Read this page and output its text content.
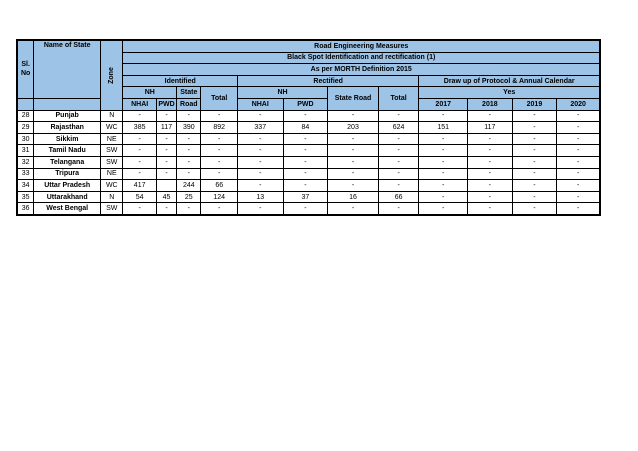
Sl.
No	Name of State	Zone	Road Engineering Measures											
			Black Spot Identification and rectification (1)											
			As per MORTH Definition 2015											
			Identified				Rectified				Draw up of Protocol & Annual Calendar			
			NH		State	Total	NH		State Road	Total	Yes			
			NHAI	PWD	Road		NHAI	PWD			2017	2018	2019	2020
28	Punjab	N	-	-	-	-	-	-	-	-	-	-	-	-
29	Rajasthan	WC	385	117	390	892	337	84	203	624	151	117	-	-
30	Sikkim	NE	-	-	-	-	-	-	-	-	-	-	-	-
31	Tamil Nadu	SW	-	-	-	-	-	-	-	-	-	-	-	-
32	Telangana	SW	-	-	-	-	-	-	-	-	-	-	-	-
33	Tripura	NE	-	-	-	-	-	-	-	-	-	-	-	-
34	Uttar Pradesh	WC	417		244	66	-	-	-	-	-	-	-	-
35	Uttarakhand	N	54	45	25	124	13	37	16	66	-	-	-	-
36	West Bengal	SW	-	-	-	-	-	-	-	-	-	-	-	-
